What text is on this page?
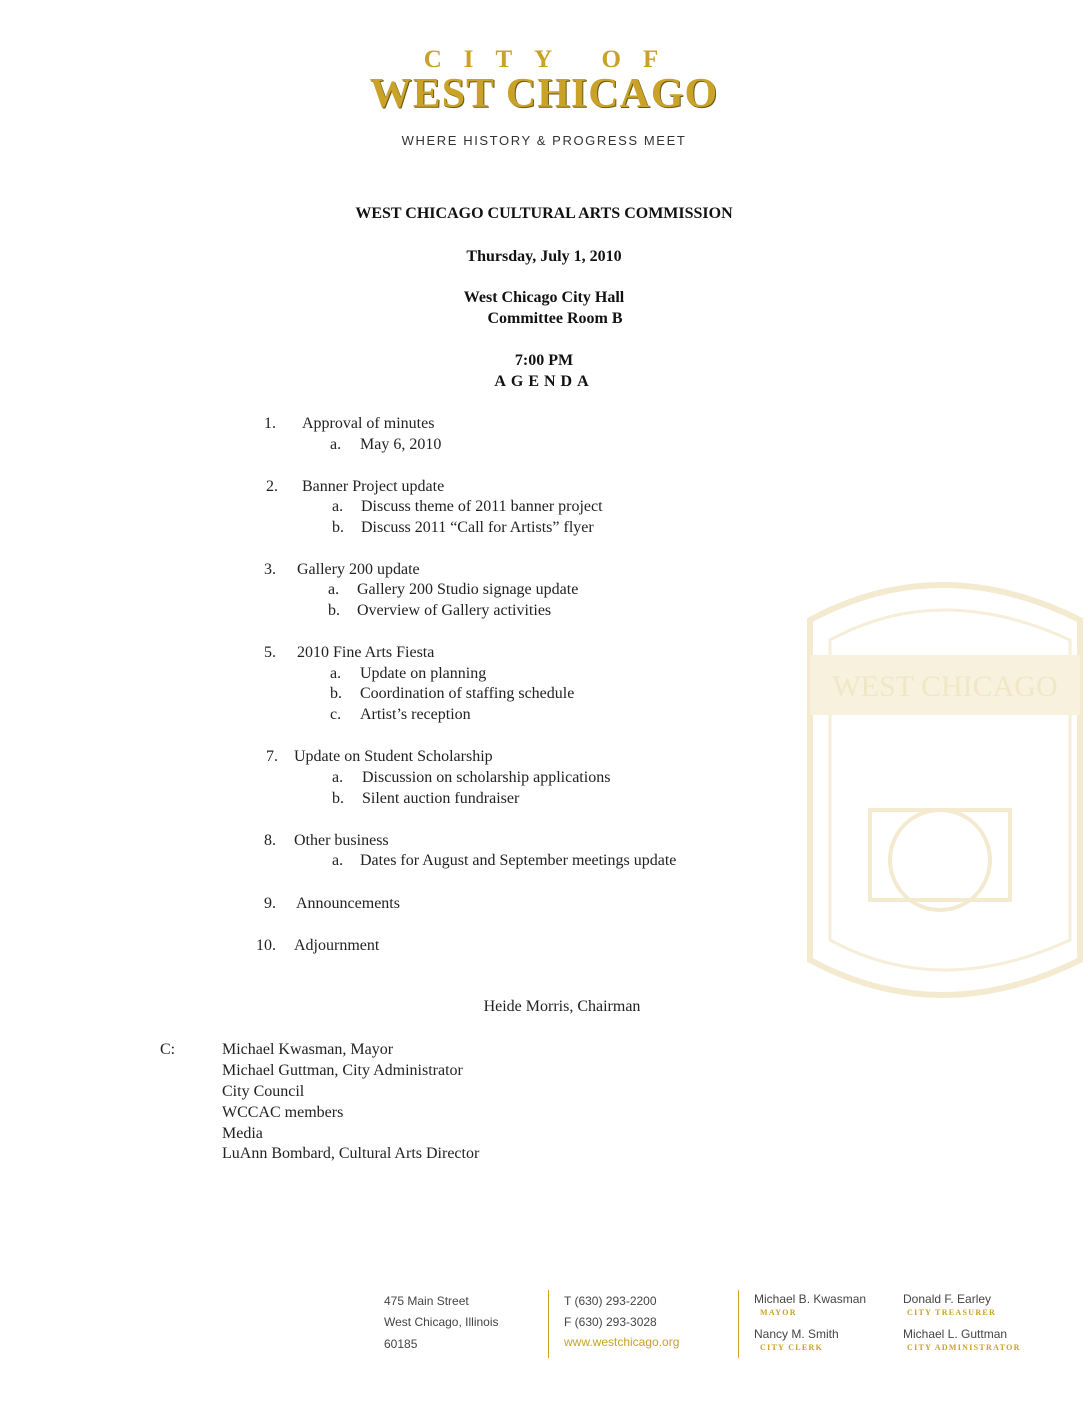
WEST CHICAGO
CITY OF
WEST CHICAGO
WHERE HISTORY & PROGRESS MEET
WEST CHICAGO CULTURAL ARTS COMMISSION
Thursday, July 1, 2010
West Chicago City Hall
Committee Room B
7:00 PM
AGENDA
1. Approval of minutes
a. May 6, 2010
2. Banner Project update
a. Discuss theme of 2011 banner project
b. Discuss 2011 “Call for Artists” flyer
3. Gallery 200 update
a. Gallery 200 Studio signage update
b. Overview of Gallery activities
5. 2010 Fine Arts Fiesta
a. Update on planning
b. Coordination of staffing schedule
c. Artist’s reception
7. Update on Student Scholarship
a. Discussion on scholarship applications
b. Silent auction fundraiser
8. Other business
a. Dates for August and September meetings update
9. Announcements
10. Adjournment
Heide Morris, Chairman
C:	Michael Kwasman, Mayor
Michael Guttman, City Administrator
City Council
WCCAC members
Media
LuAnn Bombard, Cultural Arts Director
475 Main Street
West Chicago, Illinois
60185
T (630) 293-2200
F (630) 293-3028
www.westchicago.org
Michael B. Kwasman
MAYOR
Nancy M. Smith
CITY CLERK
Donald F. Earley
CITY TREASURER
Michael L. Guttman
CITY ADMINISTRATOR
